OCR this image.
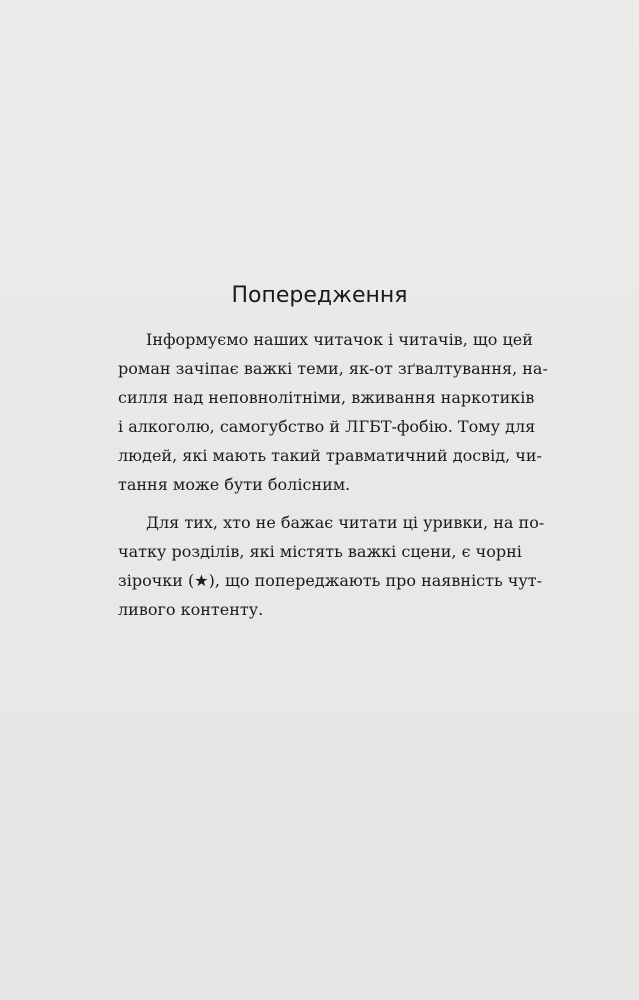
Попередження
Інформуємо наших читачок і читачів, що цей
роман зачіпає важкі теми, як-от зґвалтування, на-
силля над неповнолітніми, вживання наркотиків
і алкоголю, самогубство й ЛГБТ-фобію. Тому для
людей, які мають такий травматичний досвід, чи-
тання може бути болісним.
Для тих, хто не бажає читати ці уривки, на по-
чатку розділів, які містять важкі сцени, є чорні
зірочки (★), що попереджають про наявність чут-
ливого контенту.
